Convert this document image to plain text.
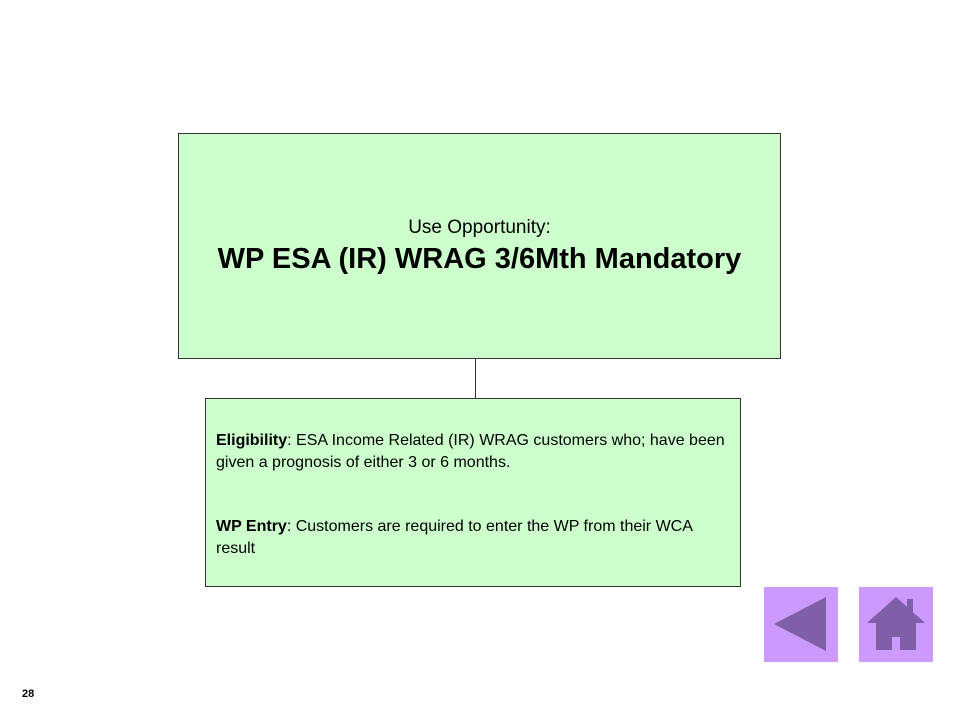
Use Opportunity:
WP ESA (IR) WRAG 3/6Mth Mandatory

Eligibility: ESA Income Related (IR) WRAG customers who; have been given a prognosis of either 3 or 6 months.

WP Entry: Customers are required to enter the WP from their WCA result

28
